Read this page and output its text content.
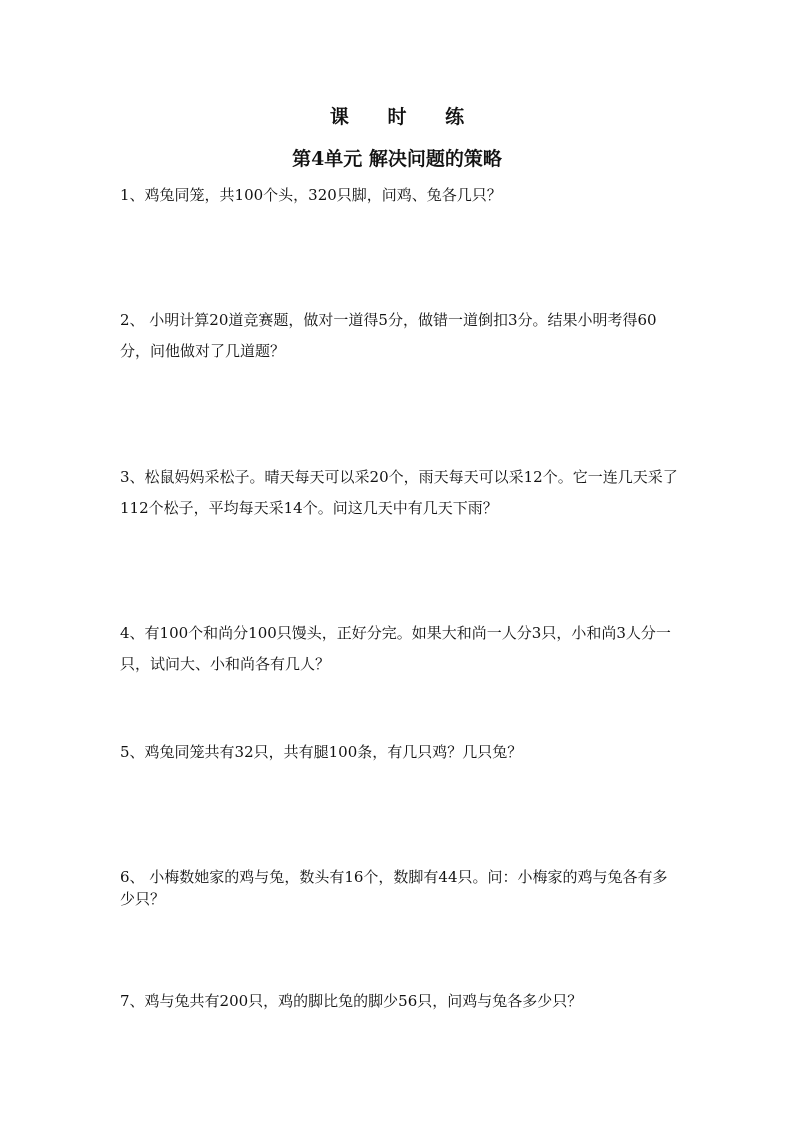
课 时 练
第4单元 解决问题的策略
1、鸡兔同笼，共100个头，320只脚，问鸡、兔各几只？
2、 小明计算20道竞赛题，做对一道得5分，做错一道倒扣3分。结果小明考得60分，问他做对了几道题？
3、松鼠妈妈采松子。晴天每天可以采20个，雨天每天可以采12个。它一连几天采了112个松子，平均每天采14个。问这几天中有几天下雨？
4、有100个和尚分100只馒头，正好分完。如果大和尚一人分3只，小和尚3人分一只，试问大、小和尚各有几人？
5、鸡兔同笼共有32只，共有腿100条，有几只鸡？几只兔？
6、 小梅数她家的鸡与兔，数头有16个，数脚有44只。问：小梅家的鸡与兔各有多少只？
7、鸡与兔共有200只，鸡的脚比兔的脚少56只，问鸡与兔各多少只？
